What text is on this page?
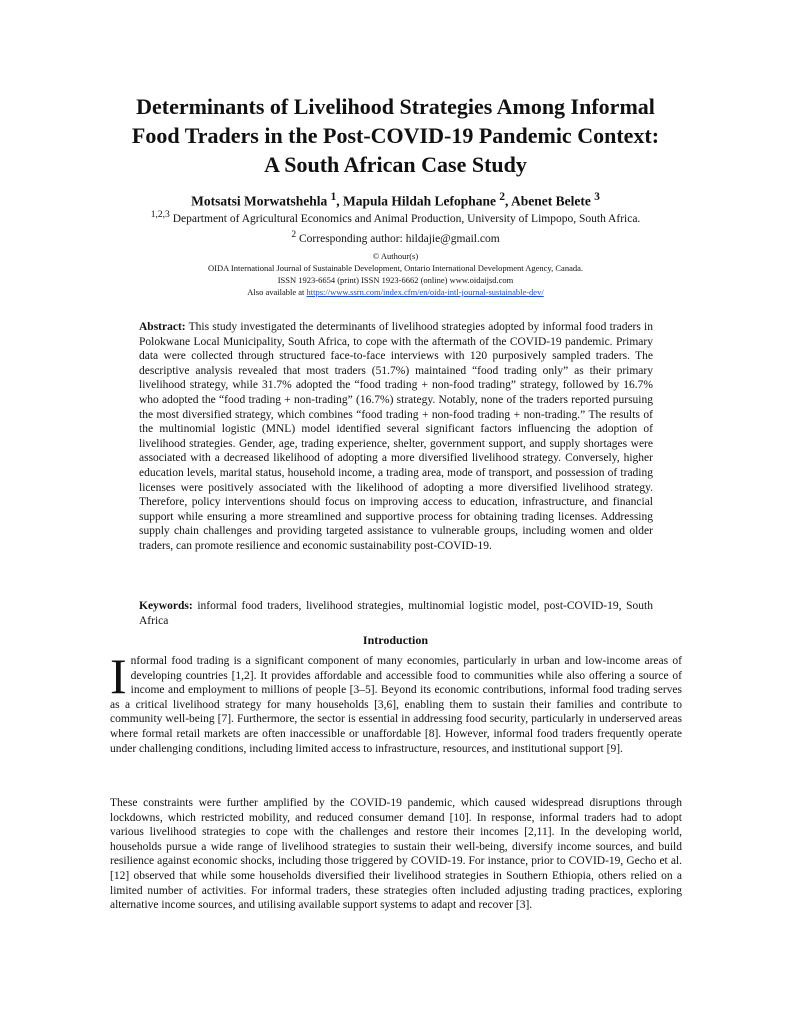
Determinants of Livelihood Strategies Among Informal
Food Traders in the Post-COVID-19 Pandemic Context:
A South African Case Study
Motsatsi Morwatshehla $^1$, Mapula Hildah Lefophane $^2$, Abenet Belete $^3$
$^{1,2,3}$ Department of Agricultural Economics and Animal Production, University of Limpopo, South Africa.
$^2$ Corresponding author: hildajie@gmail.com
© Authour(s)
OIDA International Journal of Sustainable Development, Ontario International Development Agency, Canada.
ISSN 1923-6654 (print) ISSN 1923-6662 (online) www.oidaijsd.com
Also available at https://www.ssrn.com/index.cfm/en/oida-intl-journal-sustainable-dev/

Abstract: This study investigated the determinants of livelihood strategies adopted by informal food traders in Polokwane Local Municipality, South Africa, to cope with the aftermath of the COVID-19 pandemic. Primary data were collected through structured face-to-face interviews with 120 purposively sampled traders. The descriptive analysis revealed that most traders (51.7%) maintained “food trading only” as their primary livelihood strategy, while 31.7% adopted the “food trading + non-food trading” strategy, followed by 16.7% who adopted the “food trading + non-trading” (16.7%) strategy. Notably, none of the traders reported pursuing the most diversified strategy, which combines “food trading + non-food trading + non-trading.” The results of the multinomial logistic (MNL) model identified several significant factors influencing the adoption of livelihood strategies. Gender, age, trading experience, shelter, government support, and supply shortages were associated with a decreased likelihood of adopting a more diversified livelihood strategy. Conversely, higher education levels, marital status, household income, a trading area, mode of transport, and possession of trading licenses were positively associated with the likelihood of adopting a more diversified livelihood strategy. Therefore, policy interventions should focus on improving access to education, infrastructure, and financial support while ensuring a more streamlined and supportive process for obtaining trading licenses. Addressing supply chain challenges and providing targeted assistance to vulnerable groups, including women and older traders, can promote resilience and economic sustainability post-COVID-19.

Keywords: informal food traders, livelihood strategies, multinomial logistic model, post-COVID-19, South Africa

Introduction

Informal food trading is a significant component of many economies, particularly in urban and low-income areas of developing countries [1,2]. It provides affordable and accessible food to communities while also offering a source of income and employment to millions of people [3–5]. Beyond its economic contributions, informal food trading serves as a critical livelihood strategy for many households [3,6], enabling them to sustain their families and contribute to community well-being [7]. Furthermore, the sector is essential in addressing food security, particularly in underserved areas where formal retail markets are often inaccessible or unaffordable [8]. However, informal food traders frequently operate under challenging conditions, including limited access to infrastructure, resources, and institutional support [9].

These constraints were further amplified by the COVID-19 pandemic, which caused widespread disruptions through lockdowns, which restricted mobility, and reduced consumer demand [10]. In response, informal traders had to adopt various livelihood strategies to cope with the challenges and restore their incomes [2,11]. In the developing world, households pursue a wide range of livelihood strategies to sustain their well-being, diversify income sources, and build resilience against economic shocks, including those triggered by COVID-19. For instance, prior to COVID-19, Gecho et al. [12] observed that while some households diversified their livelihood strategies in Southern Ethiopia, others relied on a limited number of activities. For informal traders, these strategies often included adjusting trading practices, exploring alternative income sources, and utilising available support systems to adapt and recover [3].
